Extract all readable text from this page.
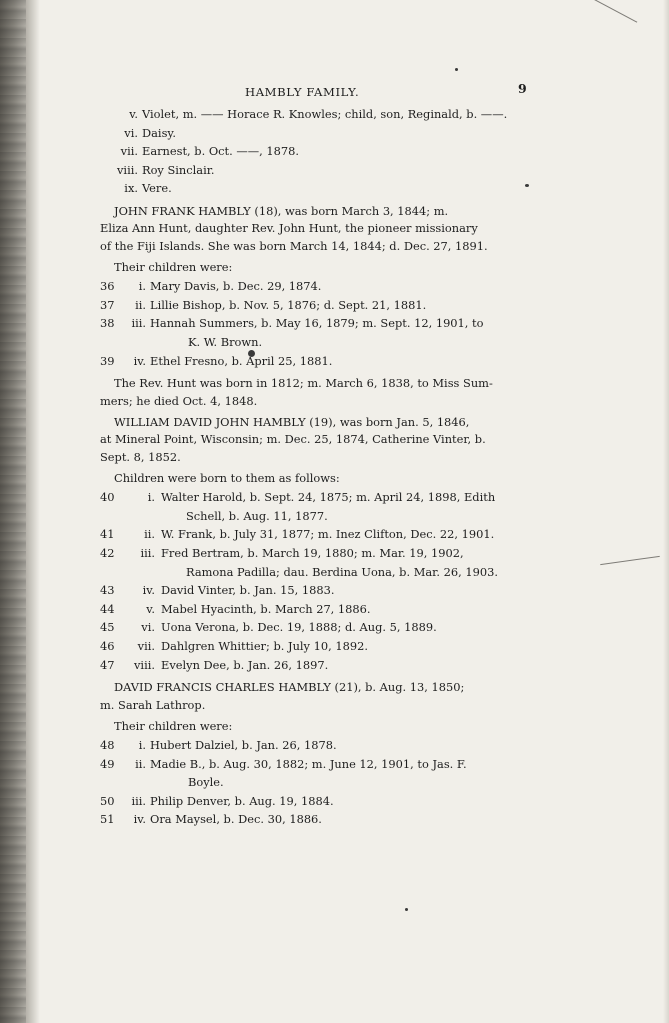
HAMBLY FAMILY.	9
v. Violet, m. —— Horace R. Knowles; child, son, Reginald, b. ——.
vi. Daisy.
vii. Earnest, b. Oct. ——, 1878.
viii. Roy Sinclair.
ix. Vere.
JOHN FRANK HAMBLY (18), was born March 3, 1844; m.
Eliza Ann Hunt, daughter Rev. John Hunt, the pioneer missionary
of the Fiji Islands. She was born March 14, 1844; d. Dec. 27, 1891.
Their children were:
36	i. Mary Davis, b. Dec. 29, 1874.
37	ii. Lillie Bishop, b. Nov. 5, 1876; d. Sept. 21, 1881.
38	iii. Hannah Summers, b. May 16, 1879; m. Sept. 12, 1901, to
K. W. Brown.
39	iv. Ethel Fresno, b. April 25, 1881.
The Rev. Hunt was born in 1812; m. March 6, 1838, to Miss Sum-
mers; he died Oct. 4, 1848.
WILLIAM DAVID JOHN HAMBLY (19), was born Jan. 5, 1846,
at Mineral Point, Wisconsin; m. Dec. 25, 1874, Catherine Vinter, b.
Sept. 8, 1852.
Children were born to them as follows:
40	i. Walter Harold, b. Sept. 24, 1875; m. April 24, 1898, Edith
Schell, b. Aug. 11, 1877.
41	ii. W. Frank, b. July 31, 1877; m. Inez Clifton, Dec. 22, 1901.
42	iii. Fred Bertram, b. March 19, 1880; m. Mar. 19, 1902,
Ramona Padilla; dau. Berdina Uona, b. Mar. 26, 1903.
43	iv. David Vinter, b. Jan. 15, 1883.
44	v. Mabel Hyacinth, b. March 27, 1886.
45	vi. Uona Verona, b. Dec. 19, 1888; d. Aug. 5, 1889.
46	vii. Dahlgren Whittier; b. July 10, 1892.
47	viii. Evelyn Dee, b. Jan. 26, 1897.
DAVID FRANCIS CHARLES HAMBLY (21), b. Aug. 13, 1850;
m. Sarah Lathrop.
Their children were:
48	i. Hubert Dalziel, b. Jan. 26, 1878.
49	ii. Madie B., b. Aug. 30, 1882; m. June 12, 1901, to Jas. F.
Boyle.
50	iii. Philip Denver, b. Aug. 19, 1884.
51	iv. Ora Maysel, b. Dec. 30, 1886.
